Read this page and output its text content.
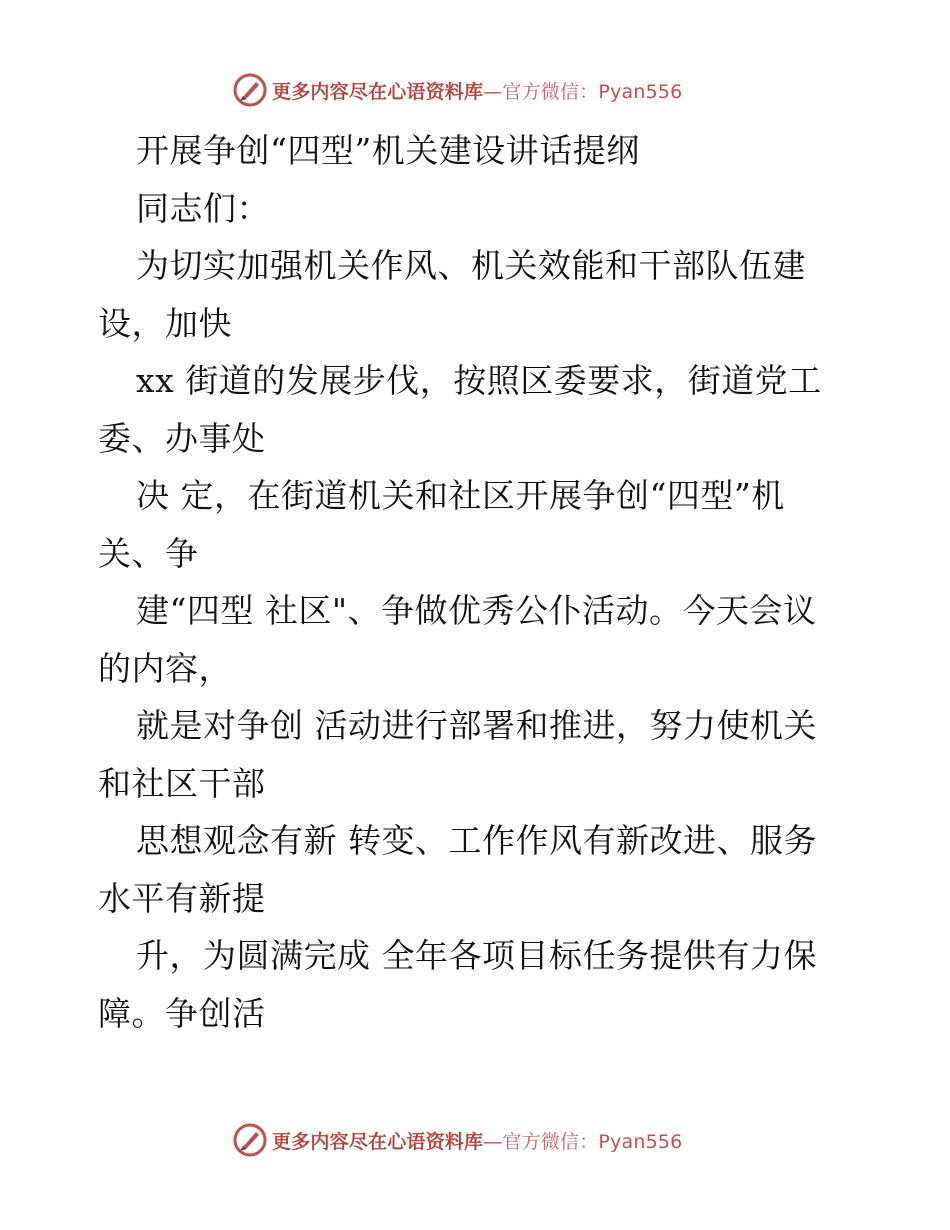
更多内容尽在心语资料库—官方微信：Pyan556
开展争创“四型”机关建设讲话提纲
同志们：
为切实加强机关作风、机关效能和干部队伍建
设，加快
xx 街道的发展步伐，按照区委要求，街道党工
委、办事处
决 定，在街道机关和社区开展争创“四型”机
关、争
建“四型 社区"、争做优秀公仆活动。今天会议
的内容，
就是对争创 活动进行部署和推进，努力使机关
和社区干部
思想观念有新 转变、工作作风有新改进、服务
水平有新提
升，为圆满完成 全年各项目标任务提供有力保
障。争创活
更多内容尽在心语资料库—官方微信：Pyan556
